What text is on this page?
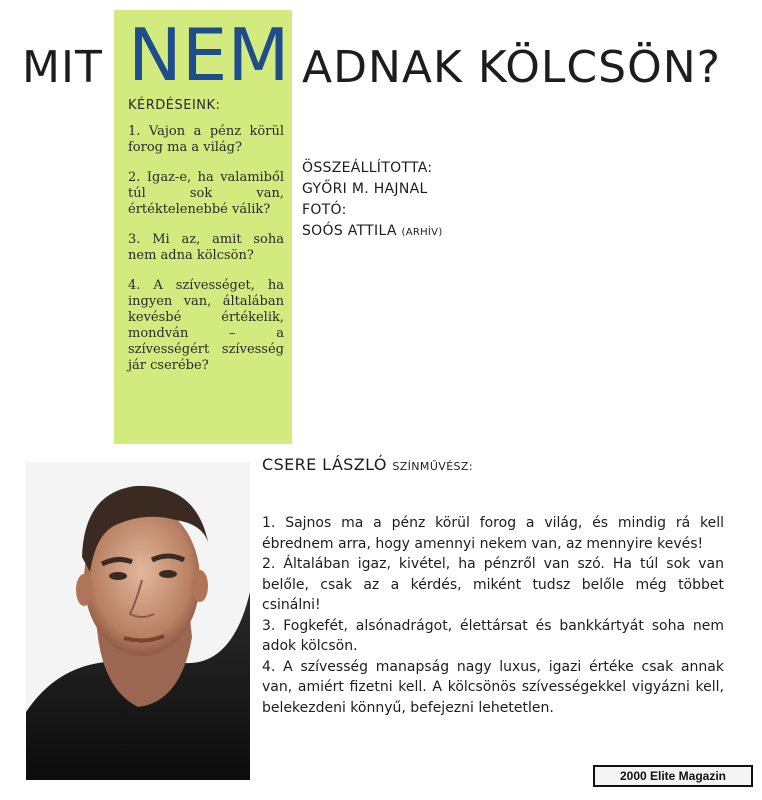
MIT NEM ADNAK KÖLCSÖN?
KÉRDÉSEINK:

1. Vajon a pénz körül forog ma a világ?

2. Igaz-e, ha valamiből túl sok van, értéktelenebbé válik?

3. Mi az, amit soha nem adna kölcsön?

4. A szívességet, ha ingyen van, általában kevésbé értékelik, mondván – a szívességért szívesség jár cserébe?

ÖSSZEÁLLÍTOTTA:
GYŐRI M. HAJNAL
FOTÓ:
SOÓS ATTILA (ARHÍV)
CSERE LÁSZLÓ SZÍNMŰVÉSZ:

1. Sajnos ma a pénz körül forog a világ, és mindig rá kell ébrednem arra, hogy amennyi nekem van, az mennyire kevés!

2. Általában igaz, kivétel, ha pénzről van szó. Ha túl sok van belőle, csak az a kérdés, miként tudsz belőle még többet csinálni!

3. Fogkefét, alsónadrágot, élettársat és bankkártyát soha nem adok kölcsön.

4. A szívesség manapság nagy luxus, igazi értéke csak annak van, amiért fizetni kell. A kölcsönös szívességekkel vigyázni kell, belekezdeni könnyű, befejezni lehetetlen.

2000 Elite Magazin
